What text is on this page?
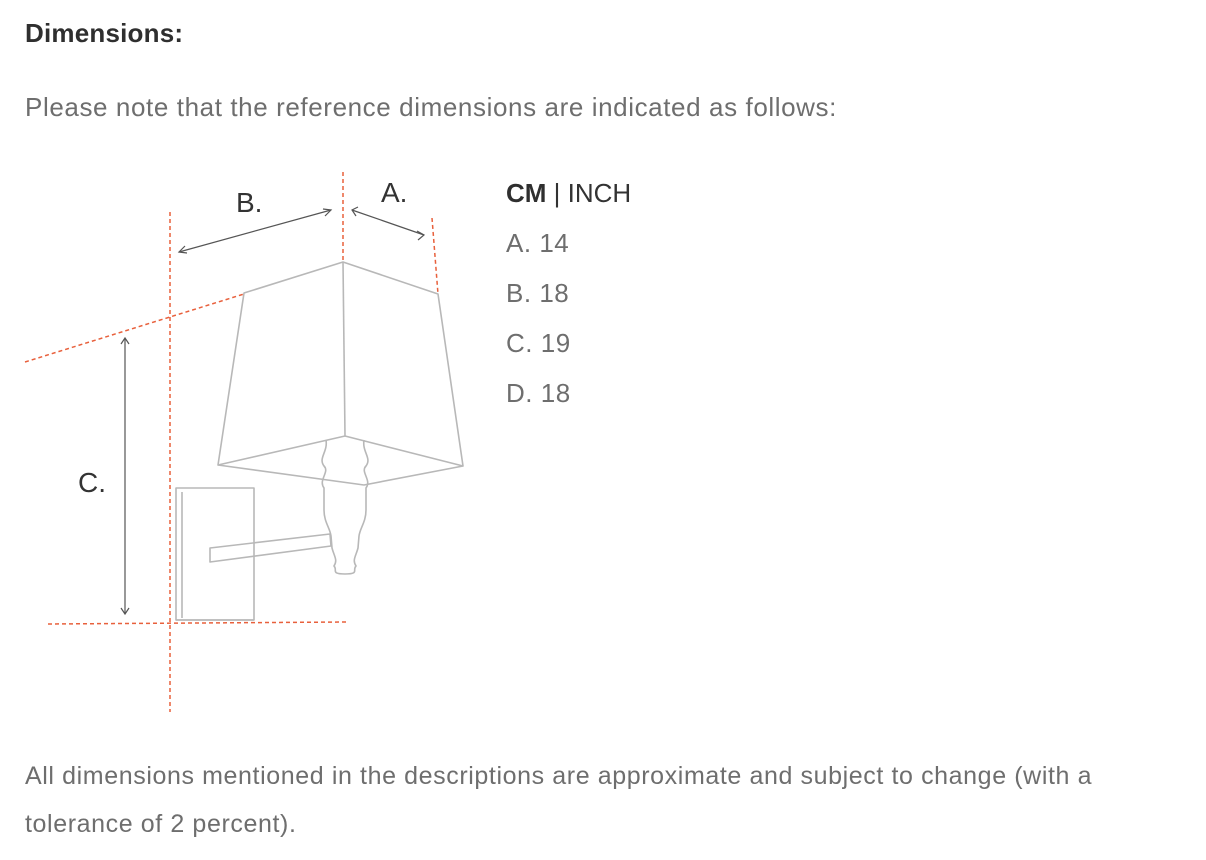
Dimensions:

Please note that the reference dimensions are indicated as follows:

A.
B.
C.
CM | INCH
A. 14
B. 18
C. 19
D. 18

All dimensions mentioned in the descriptions are approximate and subject to change (with a tolerance of 2 percent).
